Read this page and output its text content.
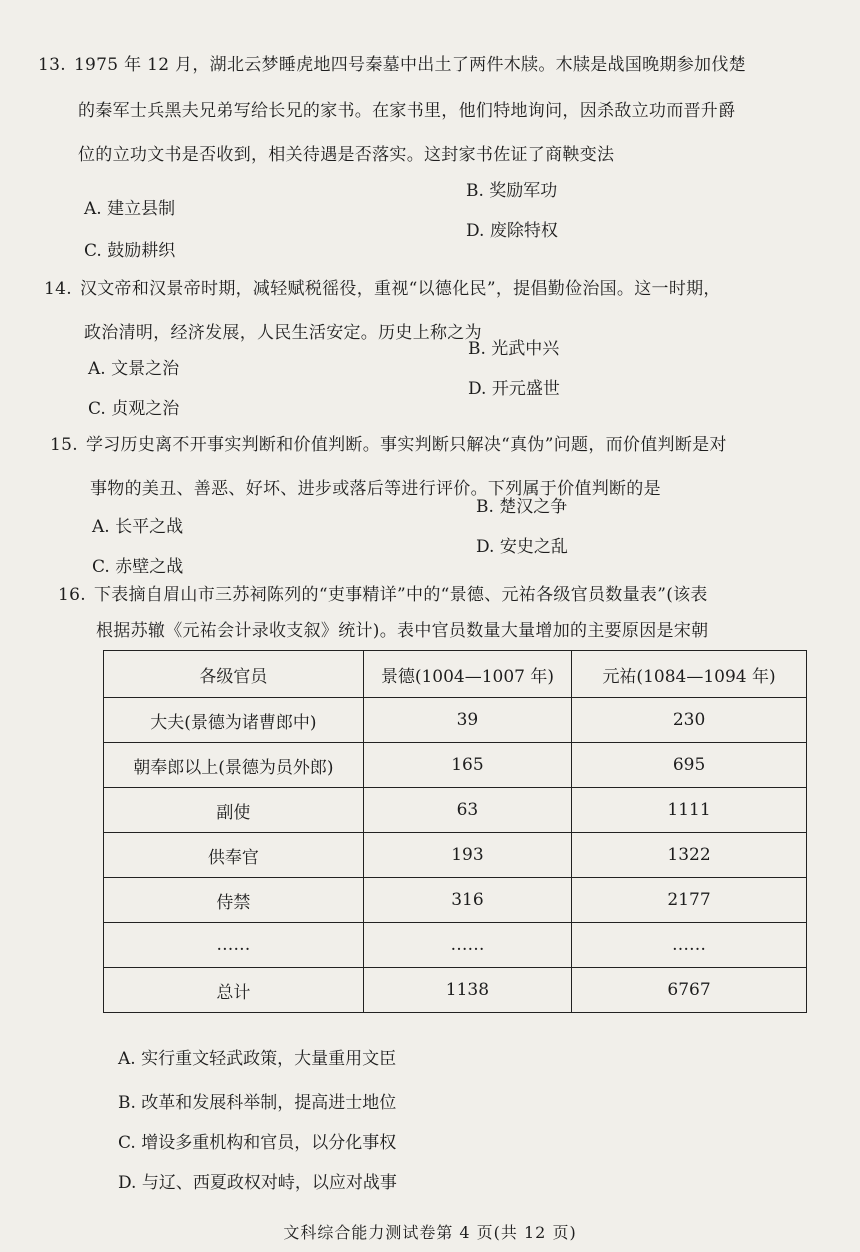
13. 1975 年 12 月，湖北云梦睡虎地四号秦墓中出土了两件木牍。木牍是战国晚期参加伐楚
的秦军士兵黑夫兄弟写给长兄的家书。在家书里，他们特地询问，因杀敌立功而晋升爵
位的立功文书是否收到，相关待遇是否落实。这封家书佐证了商鞅变法
A. 建立县制
B. 奖励军功
C. 鼓励耕织
D. 废除特权
14. 汉文帝和汉景帝时期，减轻赋税徭役，重视“以德化民”，提倡勤俭治国。这一时期，
政治清明，经济发展，人民生活安定。历史上称之为
A. 文景之治
B. 光武中兴
C. 贞观之治
D. 开元盛世
15. 学习历史离不开事实判断和价值判断。事实判断只解决“真伪”问题，而价值判断是对
事物的美丑、善恶、好坏、进步或落后等进行评价。下列属于价值判断的是
A. 长平之战
B. 楚汉之争
C. 赤壁之战
D. 安史之乱
16. 下表摘自眉山市三苏祠陈列的“吏事精详”中的“景德、元祐各级官员数量表”(该表
根据苏辙《元祐会计录收支叙》统计)。表中官员数量大量增加的主要原因是宋朝
各级官员	景德(1004—1007 年)	元祐(1084—1094 年)
大夫(景德为诸曹郎中)	39	230
朝奉郎以上(景德为员外郎)	165	695
副使	63	1111
供奉官	193	1322
侍禁	316	2177
……	……	……
总计	1138	6767
A. 实行重文轻武政策，大量重用文臣
B. 改革和发展科举制，提高进士地位
C. 增设多重机构和官员，以分化事权
D. 与辽、西夏政权对峙，以应对战事
文科综合能力测试卷第 4 页(共 12 页)
